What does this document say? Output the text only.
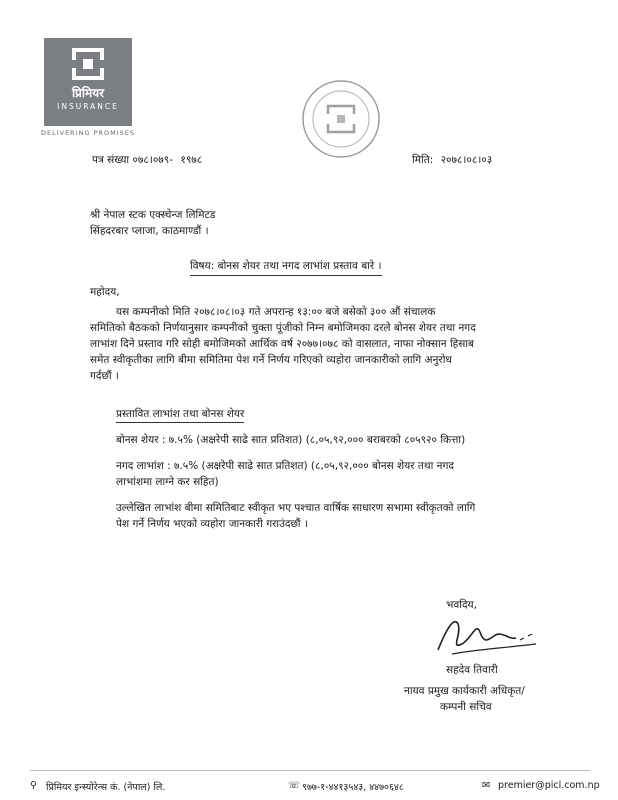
प्रिमियर
INSURANCE
DELIVERING PROMISES
पत्र संख्या ०७८।०७९- १९७८	मिति: २०७८।०८।०३
श्री नेपाल स्टक एक्स्चेन्ज लिमिटड
सिंहदरबार प्लाजा, काठमाण्डौं ।
विषय: बोनस शेयर तथा नगद लाभांश प्रस्ताव बारे ।
महोदय,
यस कम्पनीको मिति २०७८।०८।०३ गते अपरान्ह १३:०० बजे बसेको ३०० औं संचालक
समितिको बैठकको निर्णयानुसार कम्पनीको चुक्ता पूंजीको निम्न बमोजिमका दरले बोनस शेयर तथा नगद
लाभांश दिने प्रस्ताव गरि सोही बमोजिमको आर्थिक वर्ष २०७७।०७८ को वासलात, नाफा नोक्सान हिसाब
समेत स्वीकृतीका लागि बीमा समितिमा पेश गर्ने निर्णय गरिएको व्यहोरा जानकारीको लागि अनुरोध
गर्दछौं ।
प्रस्तावित लाभांश तथा बोनस शेयर
बोनस शेयर : ७.५% (अक्षरेपी साढे सात प्रतिशत) (८,०५,९२,००० बराबरको ८०५९२० कित्ता)
नगद लाभांश : ७.५% (अक्षरेपी साढे सात प्रतिशत) (८,०५,९२,००० बोनस शेयर तथा नगद
लाभांशमा लाग्ने कर सहित)
उल्लेखित लाभांश बीमा समितिबाट स्वीकृत भए पश्चात वार्षिक साधारण सभामा स्वीकृतको लागि
पेश गर्ने निर्णय भएको व्यहोरा जानकारी गराउंदछौं ।
भवदिय,
सहदेव तिवारी
नायव प्रमुख कार्यकारी अधिकृत/
कम्पनी सचिव
⚲ प्रिमियर इन्स्योरेन्स कं. (नेपाल) लि.	☏ ९७७-१-४४१३५४३, ४४७०६४८	✉ premier@picl.com.np
